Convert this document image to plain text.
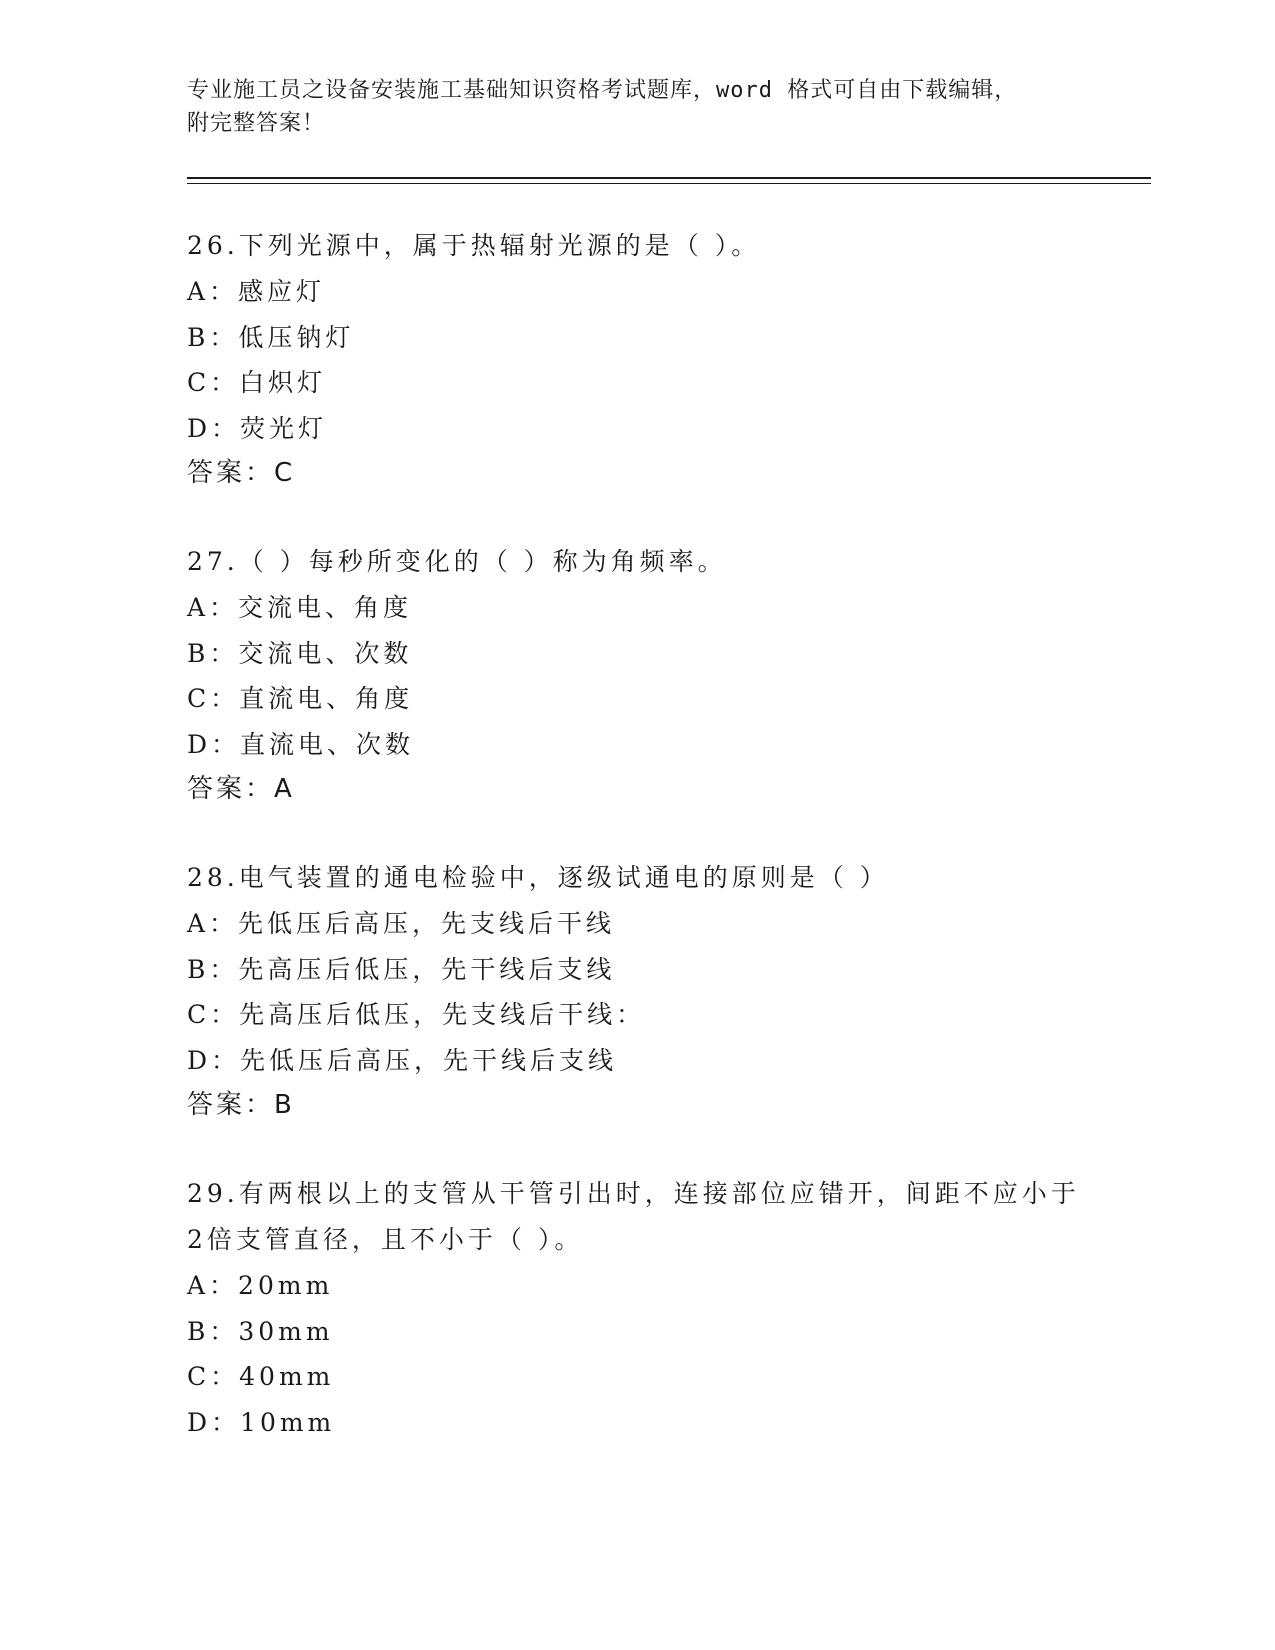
专业施工员之设备安装施工基础知识资格考试题库，word 格式可自由下载编辑，
附完整答案！
26.下列光源中，属于热辐射光源的是（ ）。
A：感应灯
B：低压钠灯
C：白炽灯
D：荧光灯
答案：C
27.（ ）每秒所变化的（ ）称为角频率。
A：交流电、角度
B：交流电、次数
C：直流电、角度
D：直流电、次数
答案：A
28.电气装置的通电检验中，逐级试通电的原则是（ ）
A：先低压后高压，先支线后干线
B：先高压后低压，先干线后支线
C：先高压后低压，先支线后干线：
D：先低压后高压，先干线后支线
答案：B
29.有两根以上的支管从干管引出时，连接部位应错开，间距不应小于
2倍支管直径，且不小于（ ）。
A：20mm
B：30mm
C：40mm
D：10mm
